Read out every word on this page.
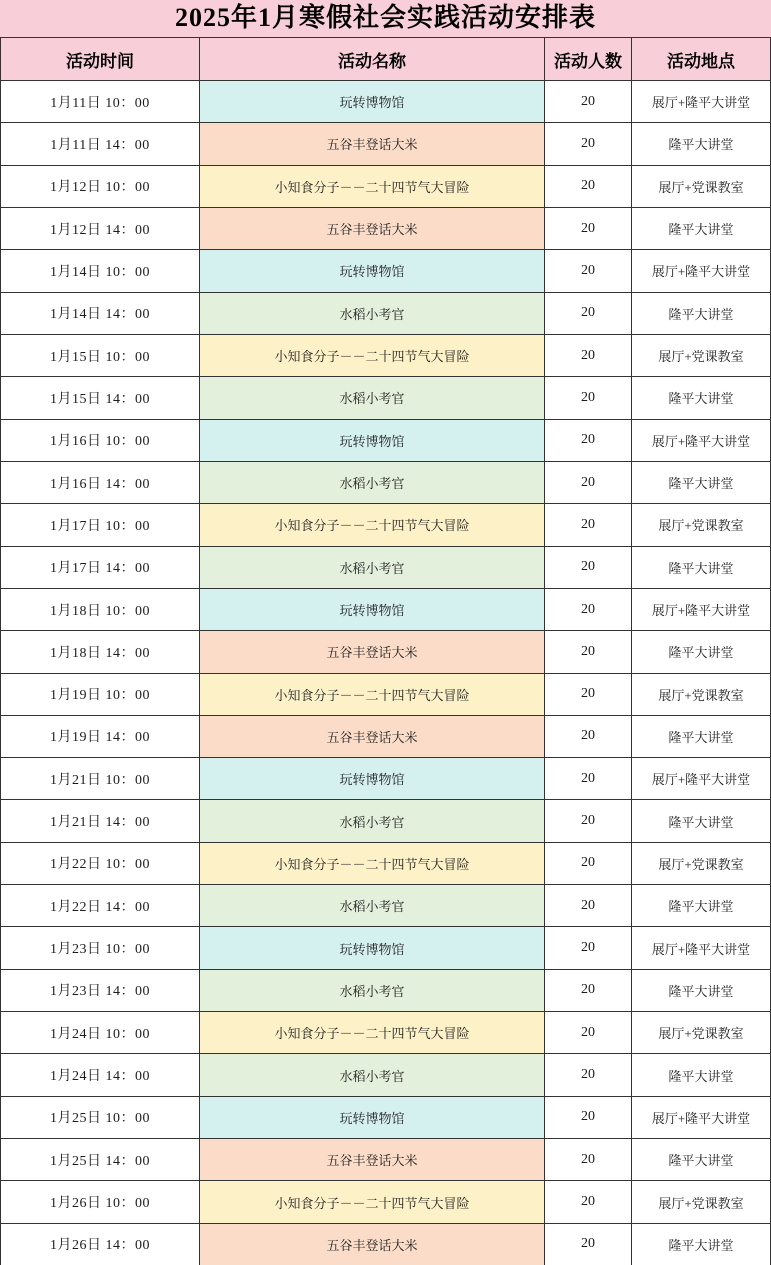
2025年1月寒假社会实践活动安排表
活动时间	活动名称	活动人数	活动地点
1月11日 10：00	玩转博物馆	20	展厅+隆平大讲堂
1月11日 14：00	五谷丰登话大米	20	隆平大讲堂
1月12日 10：00	小知食分子－－二十四节气大冒险	20	展厅+党课教室
1月12日 14：00	五谷丰登话大米	20	隆平大讲堂
1月14日 10：00	玩转博物馆	20	展厅+隆平大讲堂
1月14日 14：00	水稻小考官	20	隆平大讲堂
1月15日 10：00	小知食分子－－二十四节气大冒险	20	展厅+党课教室
1月15日 14：00	水稻小考官	20	隆平大讲堂
1月16日 10：00	玩转博物馆	20	展厅+隆平大讲堂
1月16日 14：00	水稻小考官	20	隆平大讲堂
1月17日 10：00	小知食分子－－二十四节气大冒险	20	展厅+党课教室
1月17日 14：00	水稻小考官	20	隆平大讲堂
1月18日 10：00	玩转博物馆	20	展厅+隆平大讲堂
1月18日 14：00	五谷丰登话大米	20	隆平大讲堂
1月19日 10：00	小知食分子－－二十四节气大冒险	20	展厅+党课教室
1月19日 14：00	五谷丰登话大米	20	隆平大讲堂
1月21日 10：00	玩转博物馆	20	展厅+隆平大讲堂
1月21日 14：00	水稻小考官	20	隆平大讲堂
1月22日 10：00	小知食分子－－二十四节气大冒险	20	展厅+党课教室
1月22日 14：00	水稻小考官	20	隆平大讲堂
1月23日 10：00	玩转博物馆	20	展厅+隆平大讲堂
1月23日 14：00	水稻小考官	20	隆平大讲堂
1月24日 10：00	小知食分子－－二十四节气大冒险	20	展厅+党课教室
1月24日 14：00	水稻小考官	20	隆平大讲堂
1月25日 10：00	玩转博物馆	20	展厅+隆平大讲堂
1月25日 14：00	五谷丰登话大米	20	隆平大讲堂
1月26日 10：00	小知食分子－－二十四节气大冒险	20	展厅+党课教室
1月26日 14：00	五谷丰登话大米	20	隆平大讲堂
